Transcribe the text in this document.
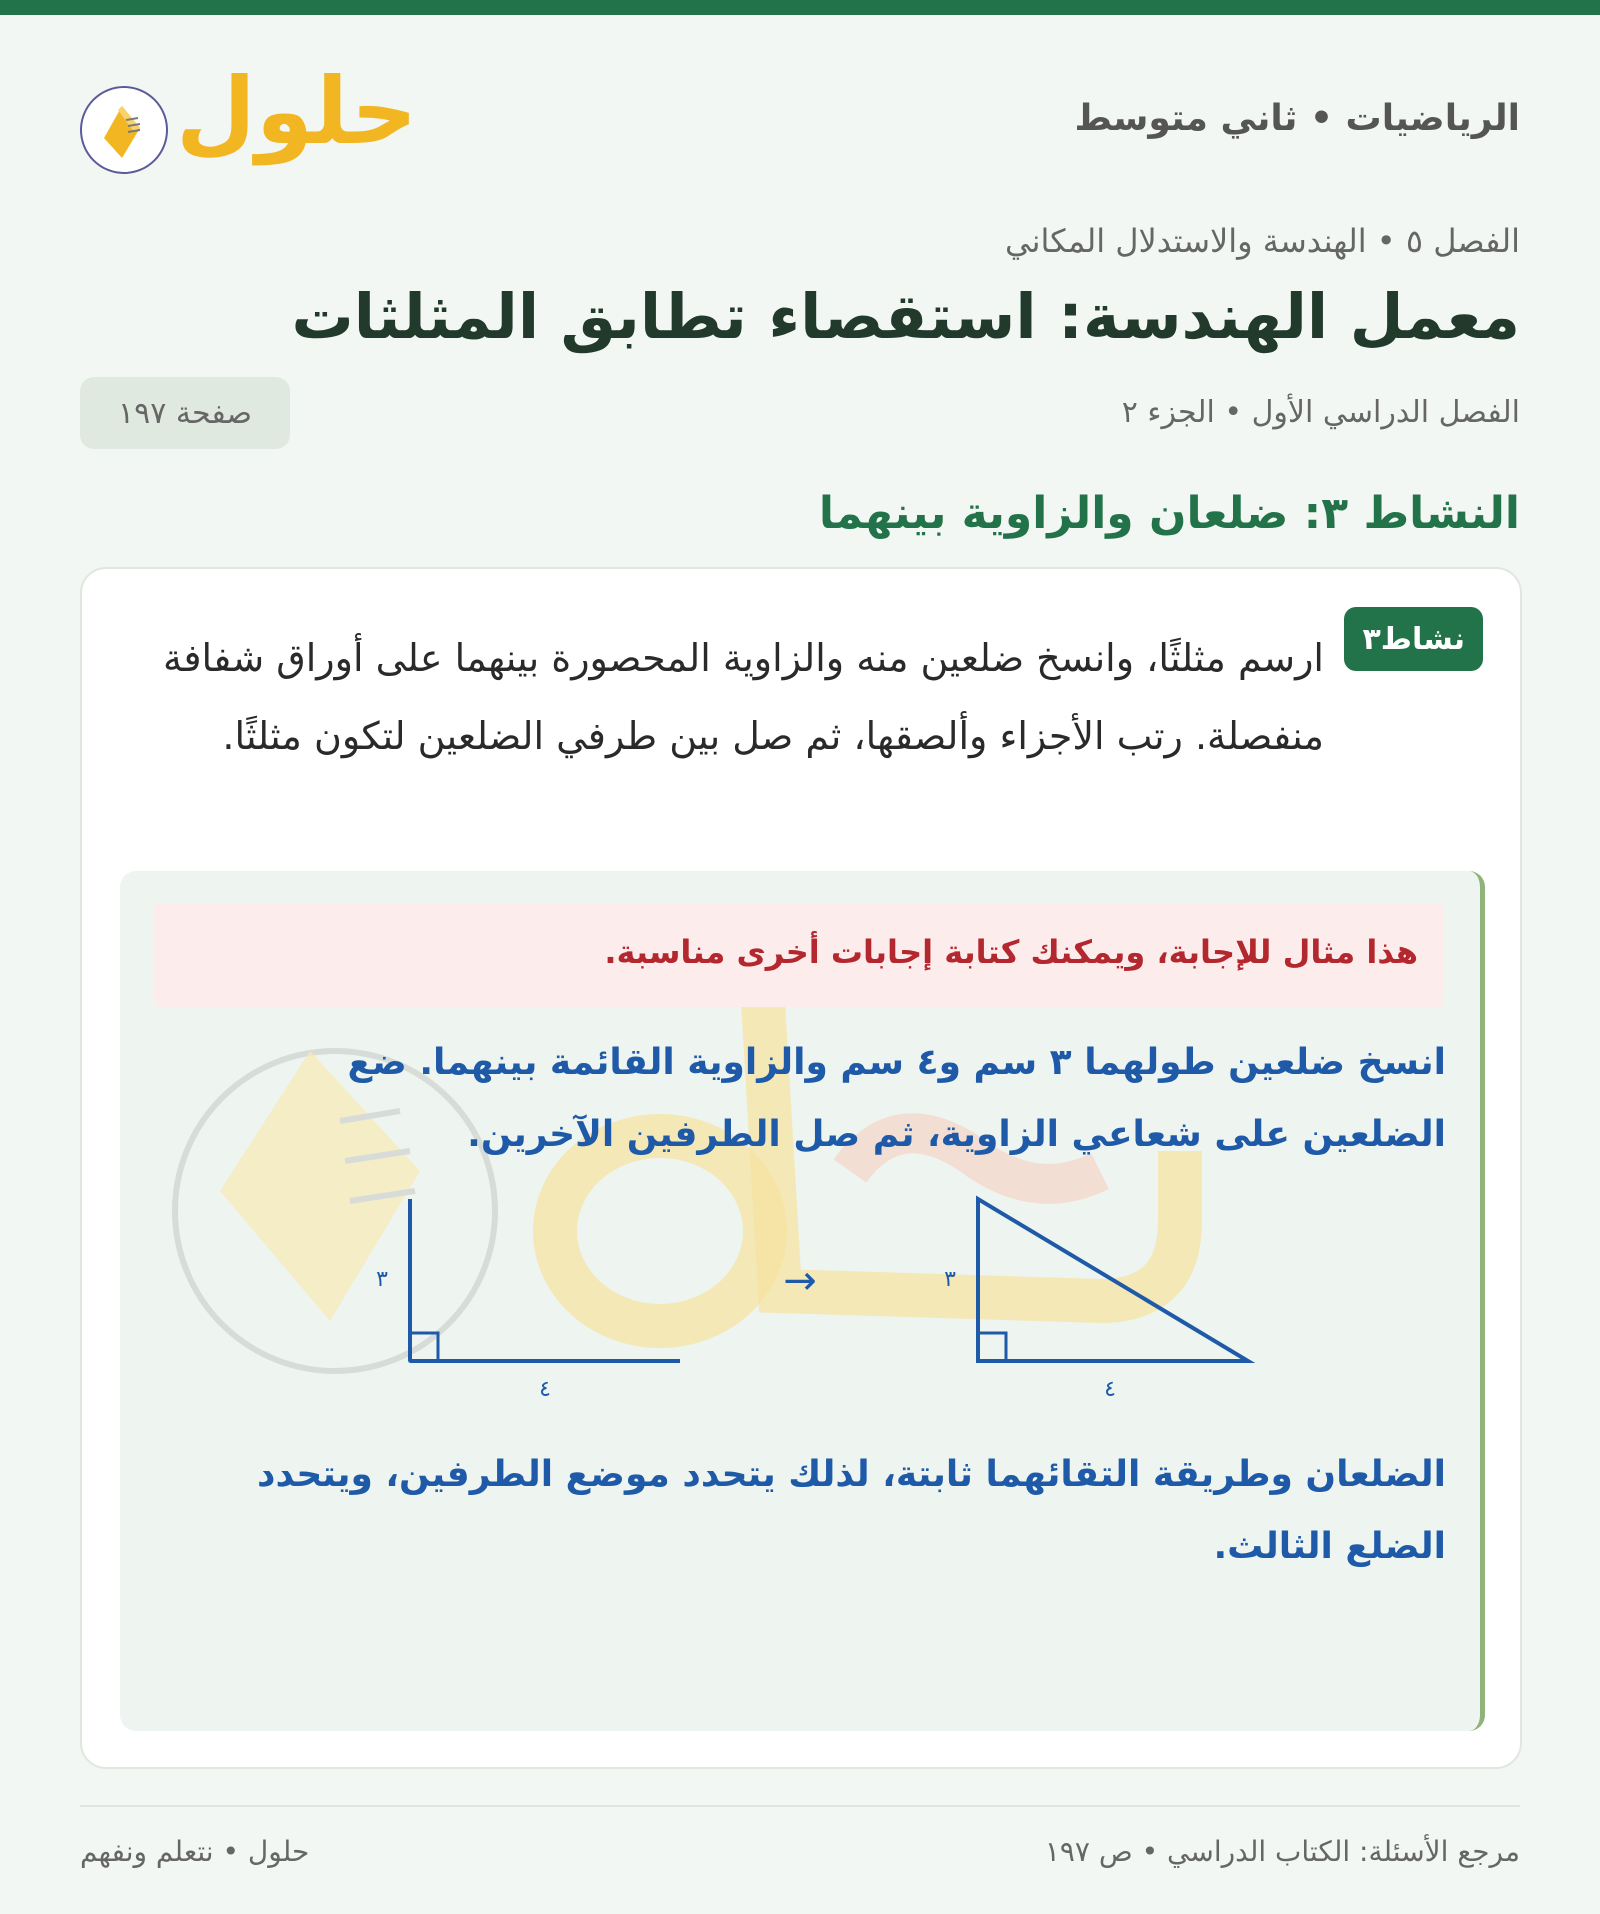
الرياضيات • ثاني متوسط
حلول
الفصل ٥ • الهندسة والاستدلال المكاني
معمل الهندسة: استقصاء تطابق المثلثات
الفصل الدراسي الأول • الجزء ٢
صفحة ١٩٧
النشاط ٣: ضلعان والزاوية بينهما
نشاط٣

ارسم مثلثًا، وانسخ ضلعين منه والزاوية المحصورة بينهما على أوراق شفافة منفصلة. رتب الأجزاء وألصقها، ثم صل بين طرفي الضلعين لتكون مثلثًا.

هذا مثال للإجابة، ويمكنك كتابة إجابات أخرى مناسبة.

انسخ ضلعين طولهما ٣ سم و٤ سم والزاوية القائمة بينهما. ضع الضلعين على شعاعي الزاوية، ثم صل الطرفين الآخرين.

٣
٤
→	٣
٤

الضلعان وطريقة التقائهما ثابتة، لذلك يتحدد موضع الطرفين، ويتحدد الضلع الثالث.

مرجع الأسئلة: الكتاب الدراسي • ص ١٩٧
حلول • نتعلم ونفهم
